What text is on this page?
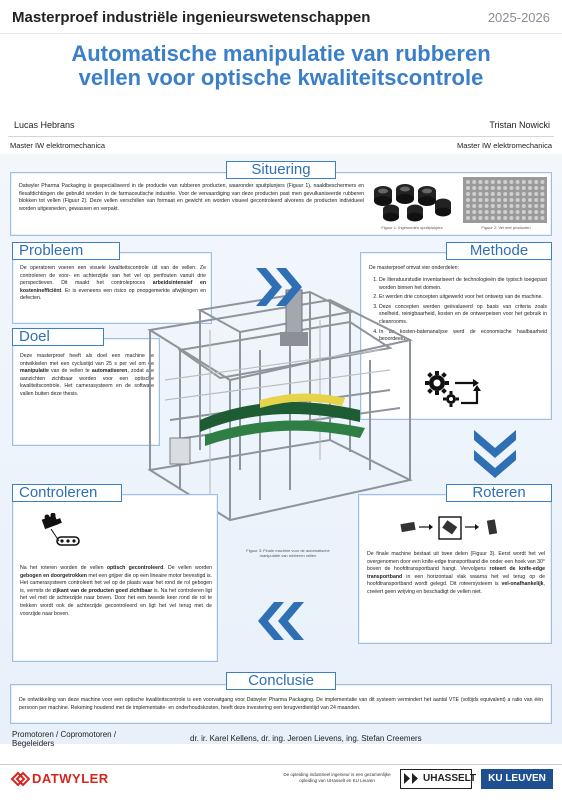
Masterproef industriële ingenieurswetenschappen	2025-2026
Automatische manipulatie van rubberen
vellen voor optische kwaliteitscontrole
Lucas Hebrans	Tristan Nowicki
Master IW elektromechanica	Master IW elektromechanica

Datwyler Pharma Packaging is gespecialiseerd in de productie van rubberen producten, waaronder spuitplunjers (Figuur 1), naaldbeschermers en flesafdichtingen die gebruikt worden in de farmaceutische industrie. Voor de vervaardiging van deze producten past men gevulkaniseerde rubberen blokken tot vellen (Figuur 2). Deze vellen verschillen van formaat en gewicht en worden visueel gecontroleerd alvorens de producten individueel worden uitgesneden, gewassen en verpakt.

Figuur 1: Ingesneden spuitplunjers	Figuur 2: Vel met producten
Situering

De operatoren voeren een visuele kwaliteitscontrole uit van de vellen. Ze controleren de voor- en achterzijde van het vel op perifouten vanuit drie perspectieven. Dit maakt het controleproces arbeidsintensief en kosteninefficiënt. Er is eveneens een risico op onopgemerkte afwijkingen en defecten.

Probleem

Deze masterproef heeft als doel een machine te ontwikkelen met een cyclustijd van 25 s per vel om de manipulatie van de vellen te automatiseren, zodat alle aanzichten zichtbaar worden voor een optische kwaliteitscontrole. Het camerasysteem en de software vallen buiten deze thesis.

Doel

De masterproef omvat vier onderdelen:

1. De literatuurstudie inventariseert de technologieën die typisch toegepast worden binnen het domein.
2. Er werden drie concepten uitgewerkt voor het ontwerp van de machine.
3. Deze concepten werden geëvalueerd op basis van criteria zoals snelheid, reinigbaarheid, kosten en de ontwerpeisen voor het gebruik in cleanrooms.
4. In de kosten-batenanalyse werd de economische haalbaarheid beoordeeld.
Methode
Figuur 3: Finale machine voor de automatische manipulatie van rubberen vellen

Na het roteren worden de vellen optisch gecontroleerd. De vellen worden gebogen en doorgetrokken met een grijper die op een lineaire motor bevestigd is. Het camerasysteem controleert het vel op de plaats waar het rond de rol gebogen is, vermits de zijkant van de producten goed zichtbaar is. Na het controleren ligt het vel met de achterzijde naar boven. Door het een tweede keer rond de rol te trekken wordt ook de achterzijde gecontroleerd en ligt het vel terug met de voorzijde naar boven.

Controleren

De finale machine bestaat uit twee delen (Figuur 3). Eerst wordt het vel overgenomen door een knife-edge transportband die onder een hoek van 30° boven de hoofdtransportband hangt. Vervolgens roteert de knife-edge transportband in een horizontaal vlak waarna het vel terug op de hoofdtransportband wordt gelegd. Dit roteersysteem is vel-onafhankelijk, creëert geen wrijving en beschadigt de vellen niet.

Roteren

De ontwikkeling van deze machine voor een optische kwaliteitscontrole is een voorvaitgang voor Datwyler Pharma Packaging. De implementatie van dit systeem vermindert het aantal VTE (voltijds equivalent) a ratio van één persoon per machine. Rekening houdend met de implementatie- en onderhoudskosten, heeft deze investering een terugverdientijd van 24 maanden.

Conclusie
Promotoren / Copromotoren /
Begeleiders
dr. ir. Karel Kellens, dr. ing. Jeroen Lievens, ing. Stefan Creemers
DATWYLER	De opleiding industrieel ingenieur is een gezamenlijke opleiding van UHasselt en KU Leuven	UHASSELT	KU LEUVEN
